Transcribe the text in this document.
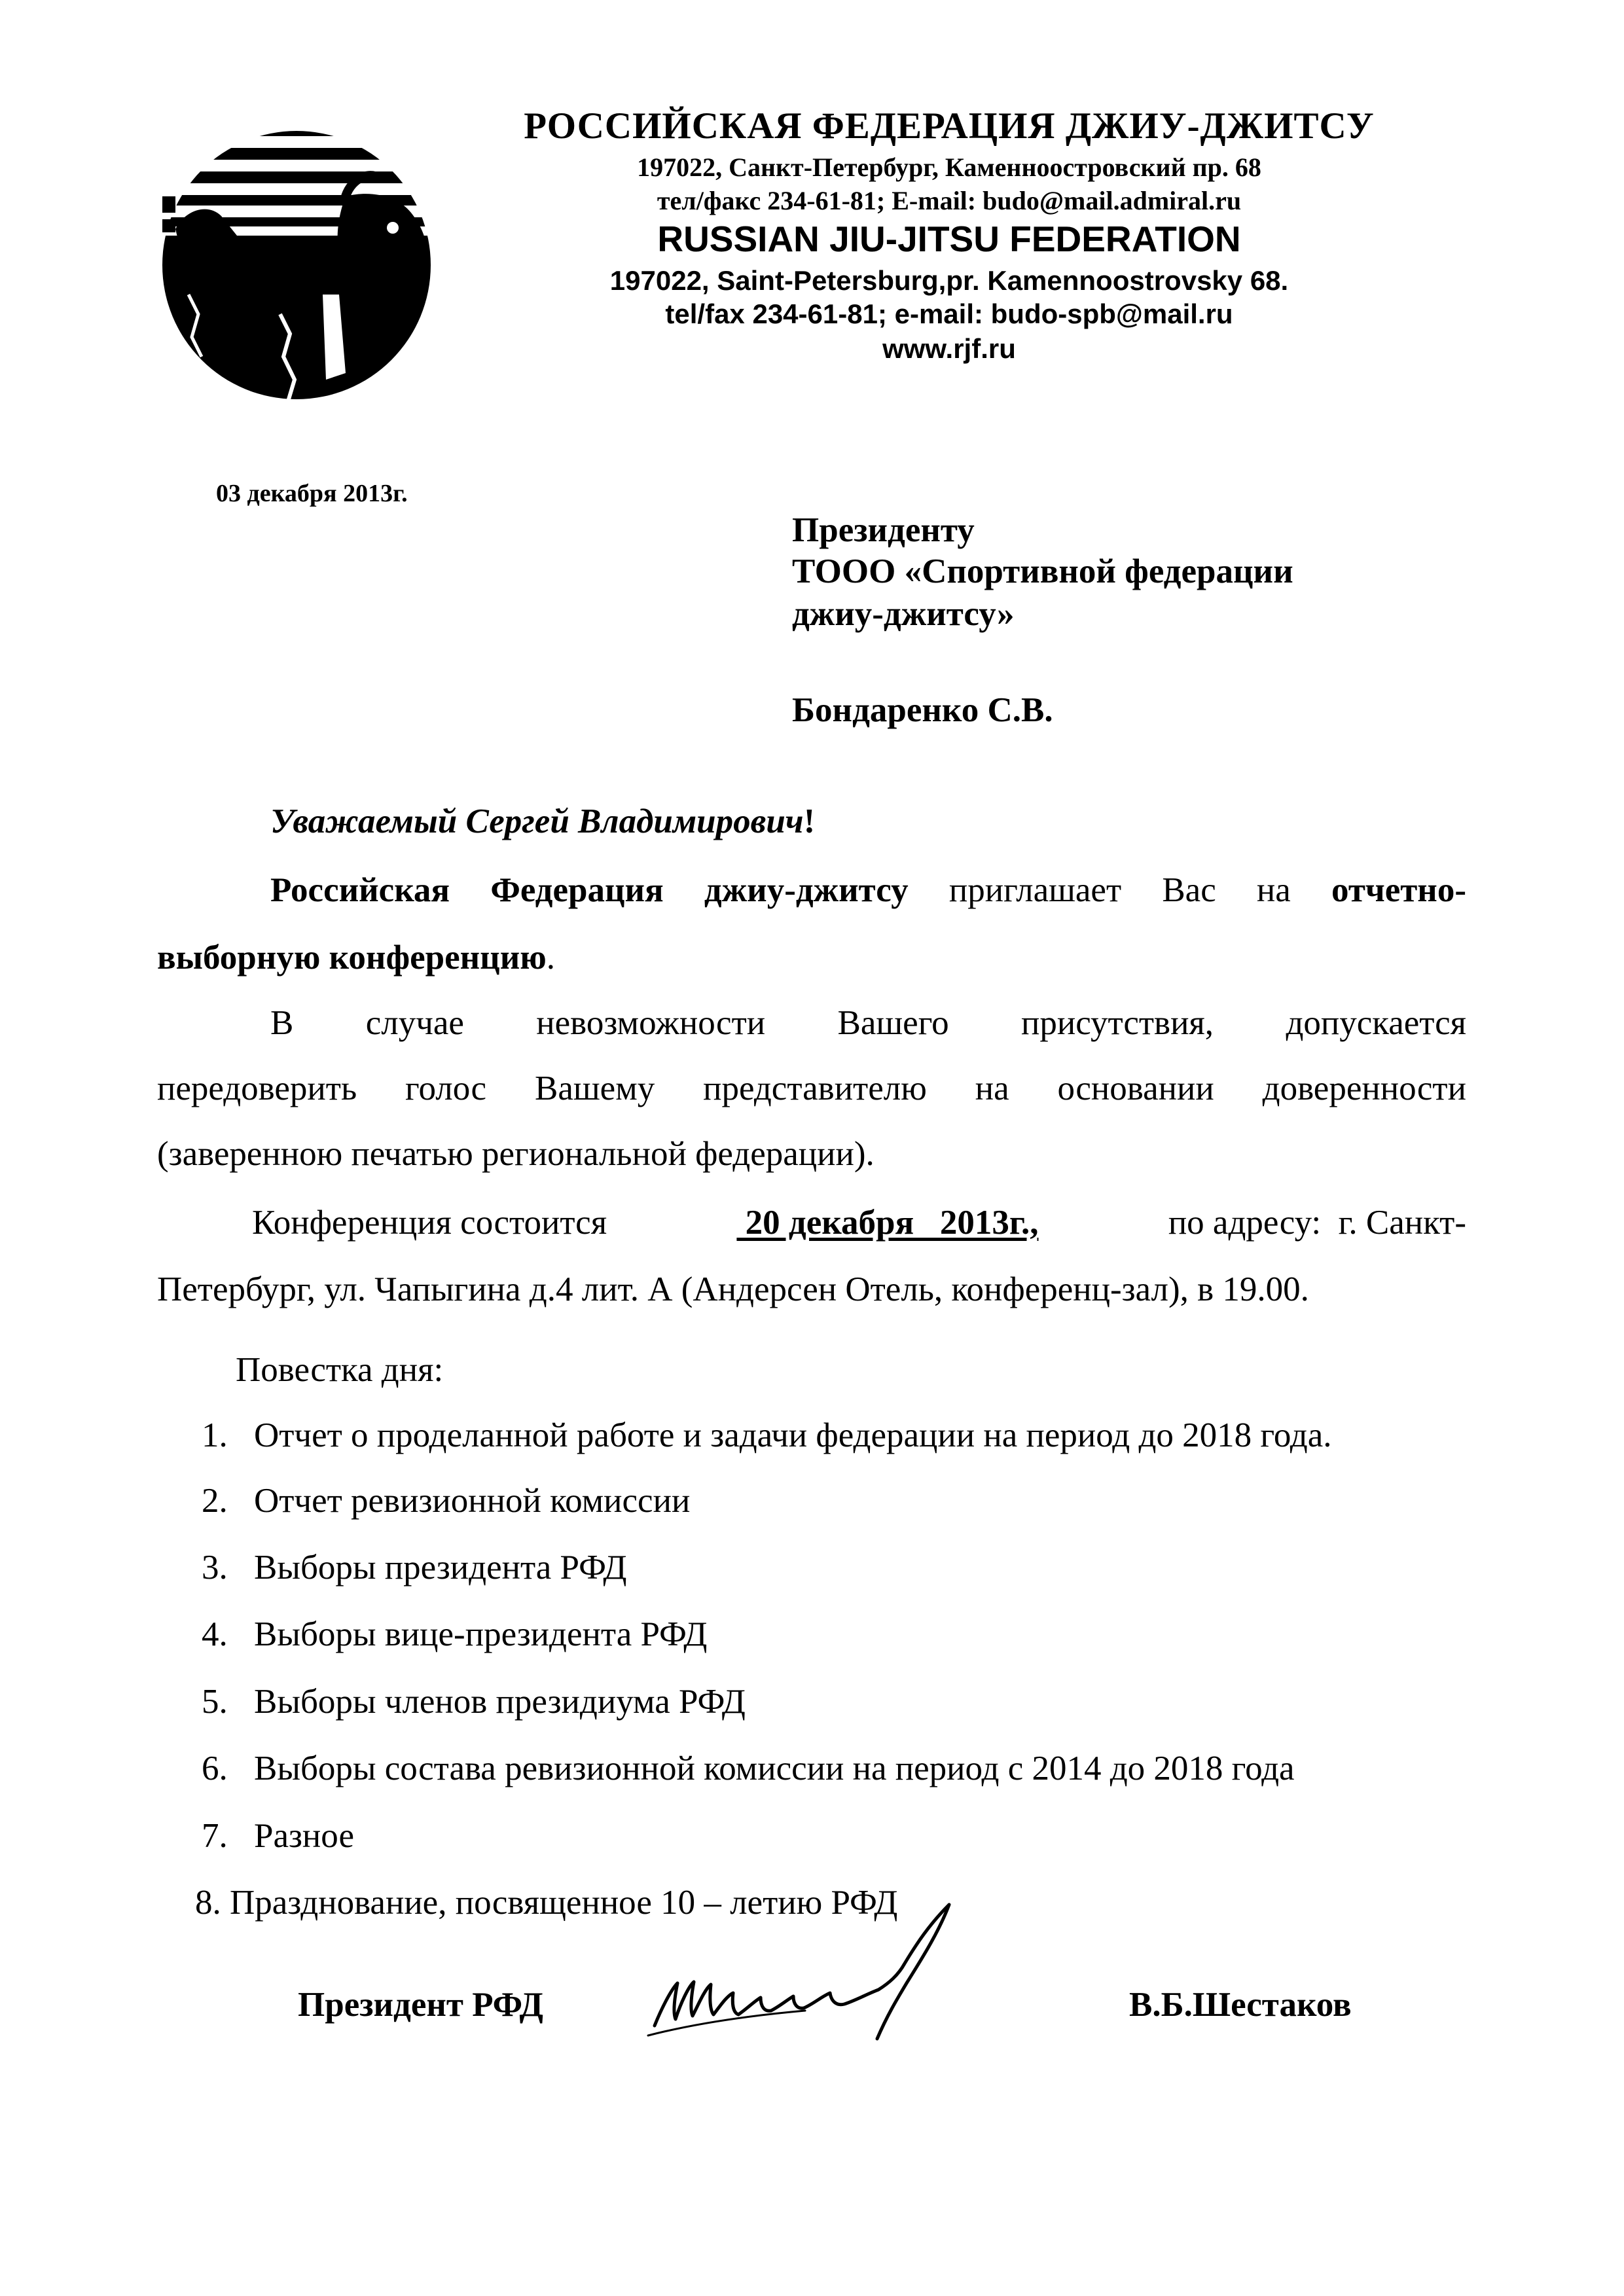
РОССИЙСКАЯ ФЕДЕРАЦИЯ ДЖИУ-ДЖИТСУ
197022, Санкт-Петербург, Каменноостровский пр. 68
тел/факс 234-61-81; E-mail: budo@mail.admiral.ru
RUSSIAN JIU-JITSU FEDERATION
197022, Saint-Petersburg,pr. Kamennoostrovsky 68.
tel/fax 234-61-81; e-mail: budo-spb@mail.ru
www.rjf.ru
03 декабря 2013г.
Президенту
ТООО «Спортивной федерации
джиу-джитсу»
Бондаренко С.В.
Уважаемый Сергей Владимирович!
Российская Федерация джиу-джитсу приглашает Вас на отчетно-
выборную конференцию.
В случае невозможности Вашего присутствия, допускается
передоверить голос Вашему представителю на основании доверенности
(заверенною печатью региональной федерации).
Конференция состоится	20 декабря   2013г.,	по адресу:  г. Санкт-
Петербург, ул. Чапыгина д.4 лит. А (Андерсен Отель, конференц-зал), в 19.00.
Повестка дня:
1. Отчет о проделанной работе и задачи федерации на период до 2018 года.
2. Отчет ревизионной комиссии
3. Выборы президента РФД
4. Выборы вице-президента РФД
5. Выборы членов президиума РФД
6. Выборы состава ревизионной комиссии на период с 2014 до 2018 года
7. Разное
8. Празднование, посвященное 10 – летию РФД
Президент РФД	В.Б.Шестаков
